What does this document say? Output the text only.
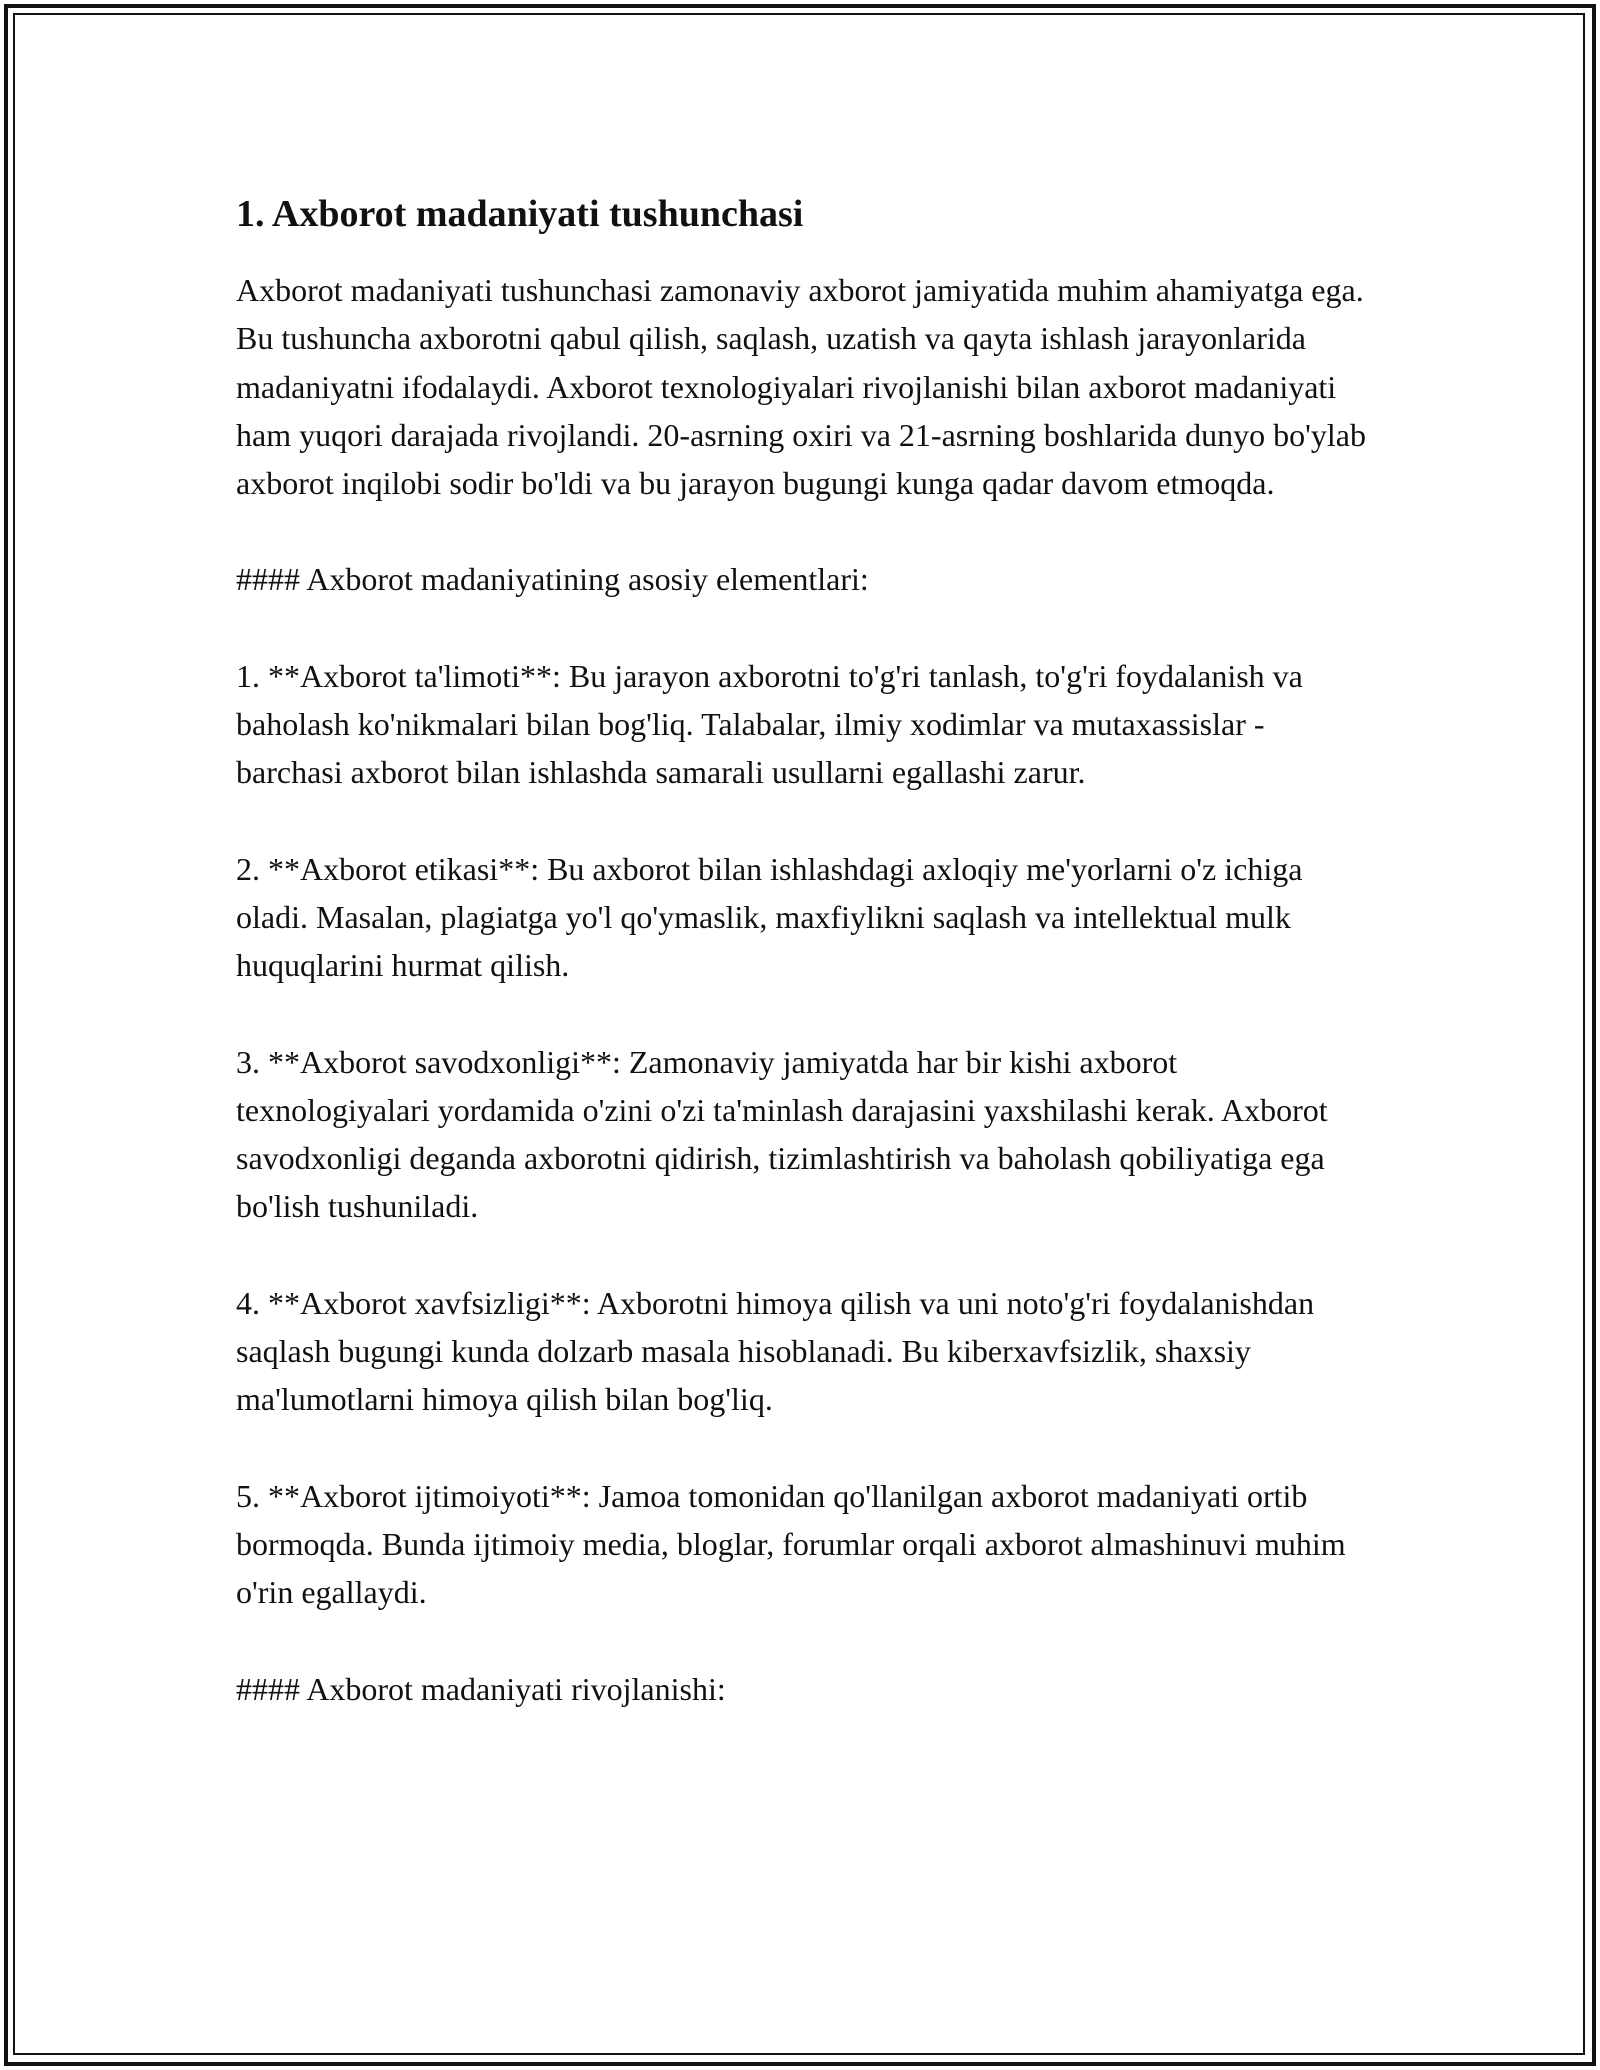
1. Axborot madaniyati tushunchasi

Axborot madaniyati tushunchasi zamonaviy axborot jamiyatida muhim ahamiyatga ega. Bu tushuncha axborotni qabul qilish, saqlash, uzatish va qayta ishlash jarayonlarida madaniyatni ifodalaydi. Axborot texnologiyalari rivojlanishi bilan axborot madaniyati ham yuqori darajada rivojlandi. 20-asrning oxiri va 21-asrning boshlarida dunyo bo'ylab axborot inqilobi sodir bo'ldi va bu jarayon bugungi kunga qadar davom etmoqda.

#### Axborot madaniyatining asosiy elementlari:

1. **Axborot ta'limoti**: Bu jarayon axborotni to'g'ri tanlash, to'g'ri foydalanish va baholash ko'nikmalari bilan bog'liq. Talabalar, ilmiy xodimlar va mutaxassislar - barchasi axborot bilan ishlashda samarali usullarni egallashi zarur.

2. **Axborot etikasi**: Bu axborot bilan ishlashdagi axloqiy me'yorlarni o'z ichiga oladi. Masalan, plagiatga yo'l qo'ymaslik, maxfiylikni saqlash va intellektual mulk huquqlarini hurmat qilish.

3. **Axborot savodxonligi**: Zamonaviy jamiyatda har bir kishi axborot texnologiyalari yordamida o'zini o'zi ta'minlash darajasini yaxshilashi kerak. Axborot savodxonligi deganda axborotni qidirish, tizimlashtirish va baholash qobiliyatiga ega bo'lish tushuniladi.

4. **Axborot xavfsizligi**: Axborotni himoya qilish va uni noto'g'ri foydalanishdan saqlash bugungi kunda dolzarb masala hisoblanadi. Bu kiberxavfsizlik, shaxsiy ma'lumotlarni himoya qilish bilan bog'liq.

5. **Axborot ijtimoiyoti**: Jamoa tomonidan qo'llanilgan axborot madaniyati ortib bormoqda. Bunda ijtimoiy media, bloglar, forumlar orqali axborot almashinuvi muhim o'rin egallaydi.

#### Axborot madaniyati rivojlanishi:
